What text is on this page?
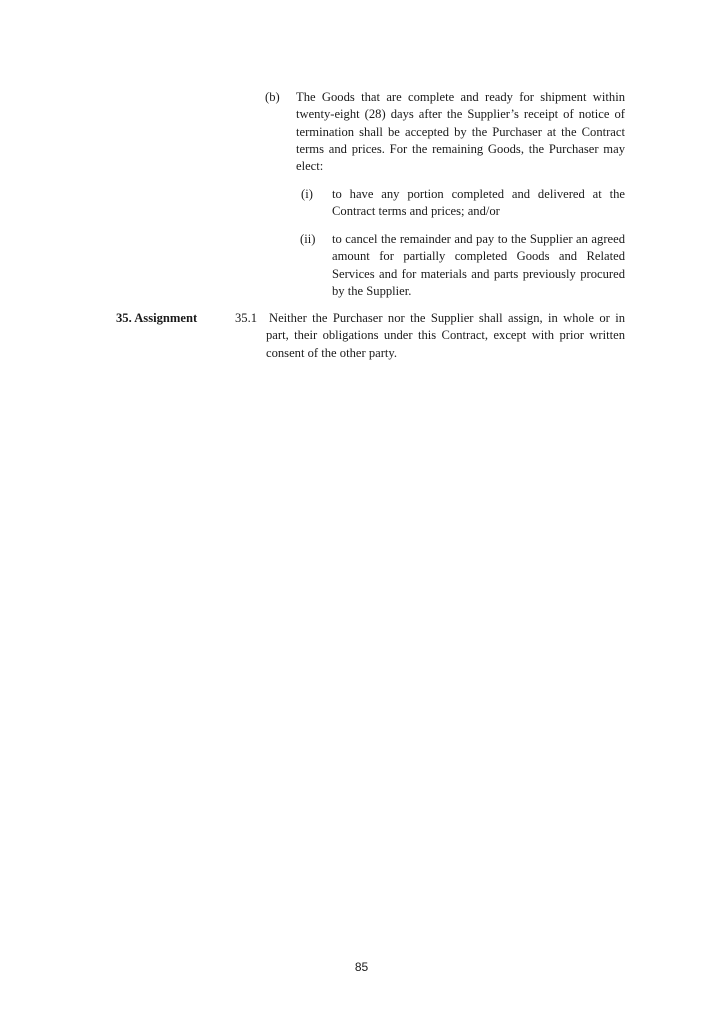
(b) The Goods that are complete and ready for shipment within twenty-eight (28) days after the Supplier’s receipt of notice of termination shall be accepted by the Purchaser at the Contract terms and prices. For the remaining Goods, the Purchaser may elect:
(i) to have any portion completed and delivered at the Contract terms and prices; and/or
(ii) to cancel the remainder and pay to the Supplier an agreed amount for partially completed Goods and Related Services and for materials and parts previously procured by the Supplier.
35. Assignment	35.1 Neither the Purchaser nor the Supplier shall assign, in whole or in part, their obligations under this Contract, except with prior written consent of the other party.
85
